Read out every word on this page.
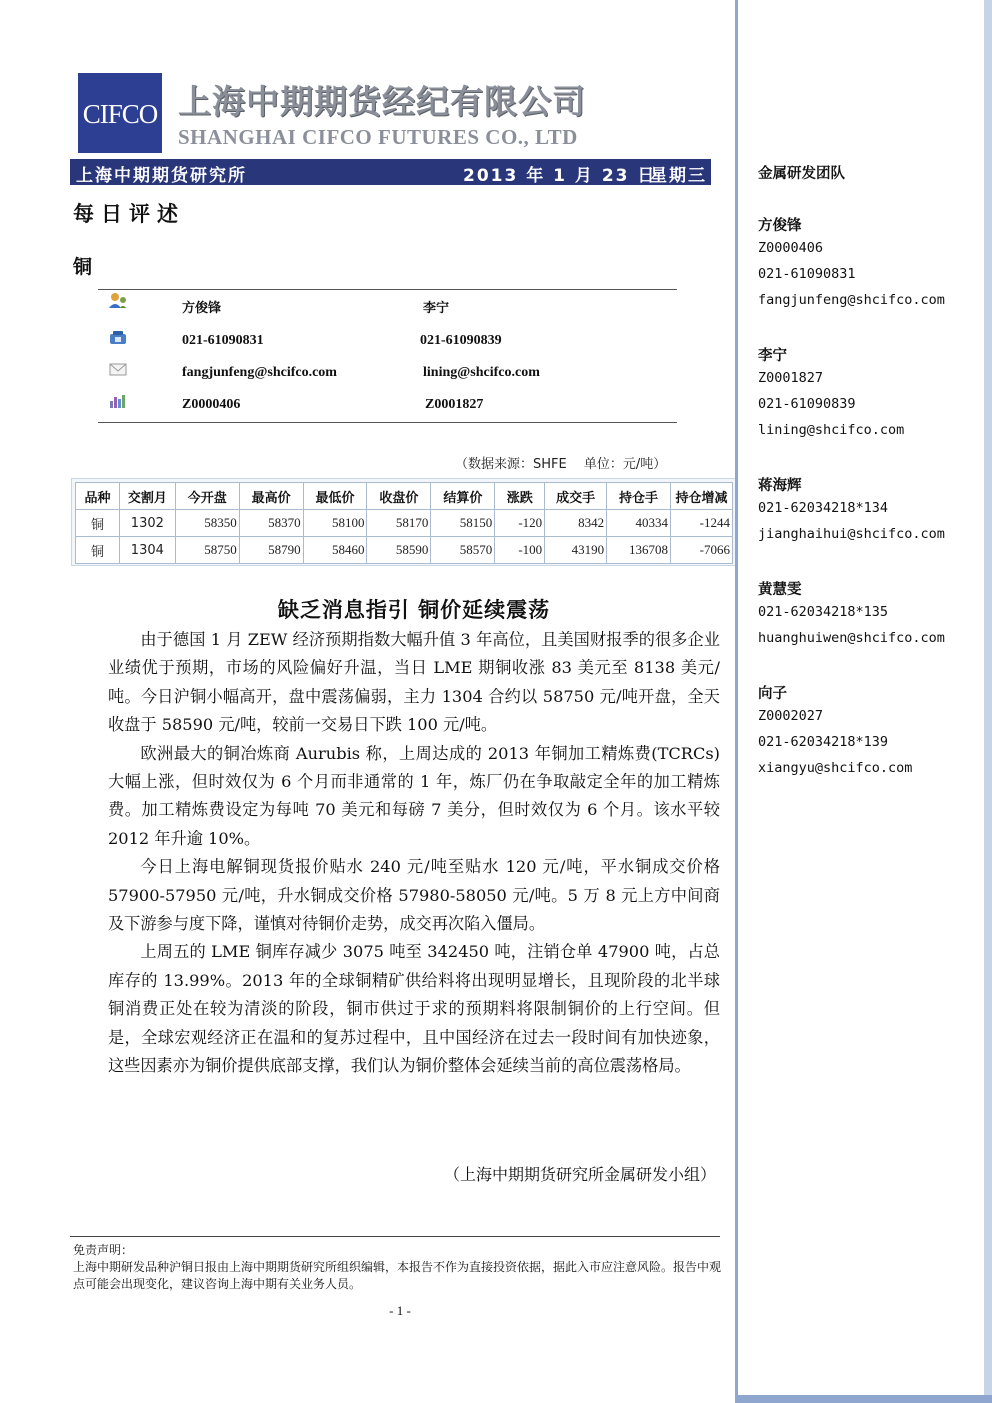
CIFCO 上海中期期货经纪有限公司
SHANGHAI CIFCO FUTURES CO., LTD
上海中期期货研究所	2013 年 1 月 23 日
星期三
每日评述
铜
方俊锋	李宁
021-61090831	021-61090839
fangjunfeng@shcifco.com	lining@shcifco.com
Z0000406	Z0001827
（数据来源：SHFE　 单位：元/吨）
品种	交割月	今开盘	最高价	最低价	收盘价	结算价	涨跌	成交手	持仓手	持仓增减
铜	1302	58350	58370	58100	58170	58150	-120	8342	40334	-1244
铜	1304	58750	58790	58460	58590	58570	-100	43190	136708	-7066
缺乏消息指引 铜价延续震荡

由于德国 1 月 ZEW 经济预期指数大幅升值 3 年高位，且美国财报季的很多企业业绩优于预期，市场的风险偏好升温，当日 LME 期铜收涨 83 美元至 8138 美元/吨。今日沪铜小幅高开，盘中震荡偏弱，主力 1304 合约以 58750 元/吨开盘，全天收盘于 58590 元/吨，较前一交易日下跌 100 元/吨。

欧洲最大的铜冶炼商 Aurubis 称，上周达成的 2013 年铜加工精炼费(TCRCs)大幅上涨，但时效仅为 6 个月而非通常的 1 年，炼厂仍在争取敲定全年的加工精炼费。加工精炼费设定为每吨 70 美元和每磅 7 美分，但时效仅为 6 个月。该水平较 2012 年升逾 10%。

今日上海电解铜现货报价贴水 240 元/吨至贴水 120 元/吨，平水铜成交价格 57900-57950 元/吨，升水铜成交价格 57980-58050 元/吨。5 万 8 元上方中间商及下游参与度下降，谨慎对待铜价走势，成交再次陷入僵局。

上周五的 LME 铜库存减少 3075 吨至 342450 吨，注销仓单 47900 吨，占总库存的 13.99%。2013 年的全球铜精矿供给料将出现明显增长，且现阶段的北半球铜消费正处在较为清淡的阶段，铜市供过于求的预期料将限制铜价的上行空间。但是，全球宏观经济正在温和的复苏过程中，且中国经济在过去一段时间有加快迹象，这些因素亦为铜价提供底部支撑，我们认为铜价整体会延续当前的高位震荡格局。

（上海中期期货研究所金属研发小组）
免责声明：
上海中期研发品种沪铜日报由上海中期期货研究所组织编辑，本报告不作为直接投资依据，据此入市应注意风险。报告中观点可能会出现变化，建议咨询上海中期有关业务人员。
- 1 -
金属研发团队
方俊锋
Z0000406
021-61090831
fangjunfeng@shcifco.com
李宁
Z0001827
021-61090839
lining@shcifco.com
蒋海辉
021-62034218*134
jianghaihui@shcifco.com
黄慧雯
021-62034218*135
huanghuiwen@shcifco.com
向子
Z0002027
021-62034218*139
xiangyu@shcifco.com
